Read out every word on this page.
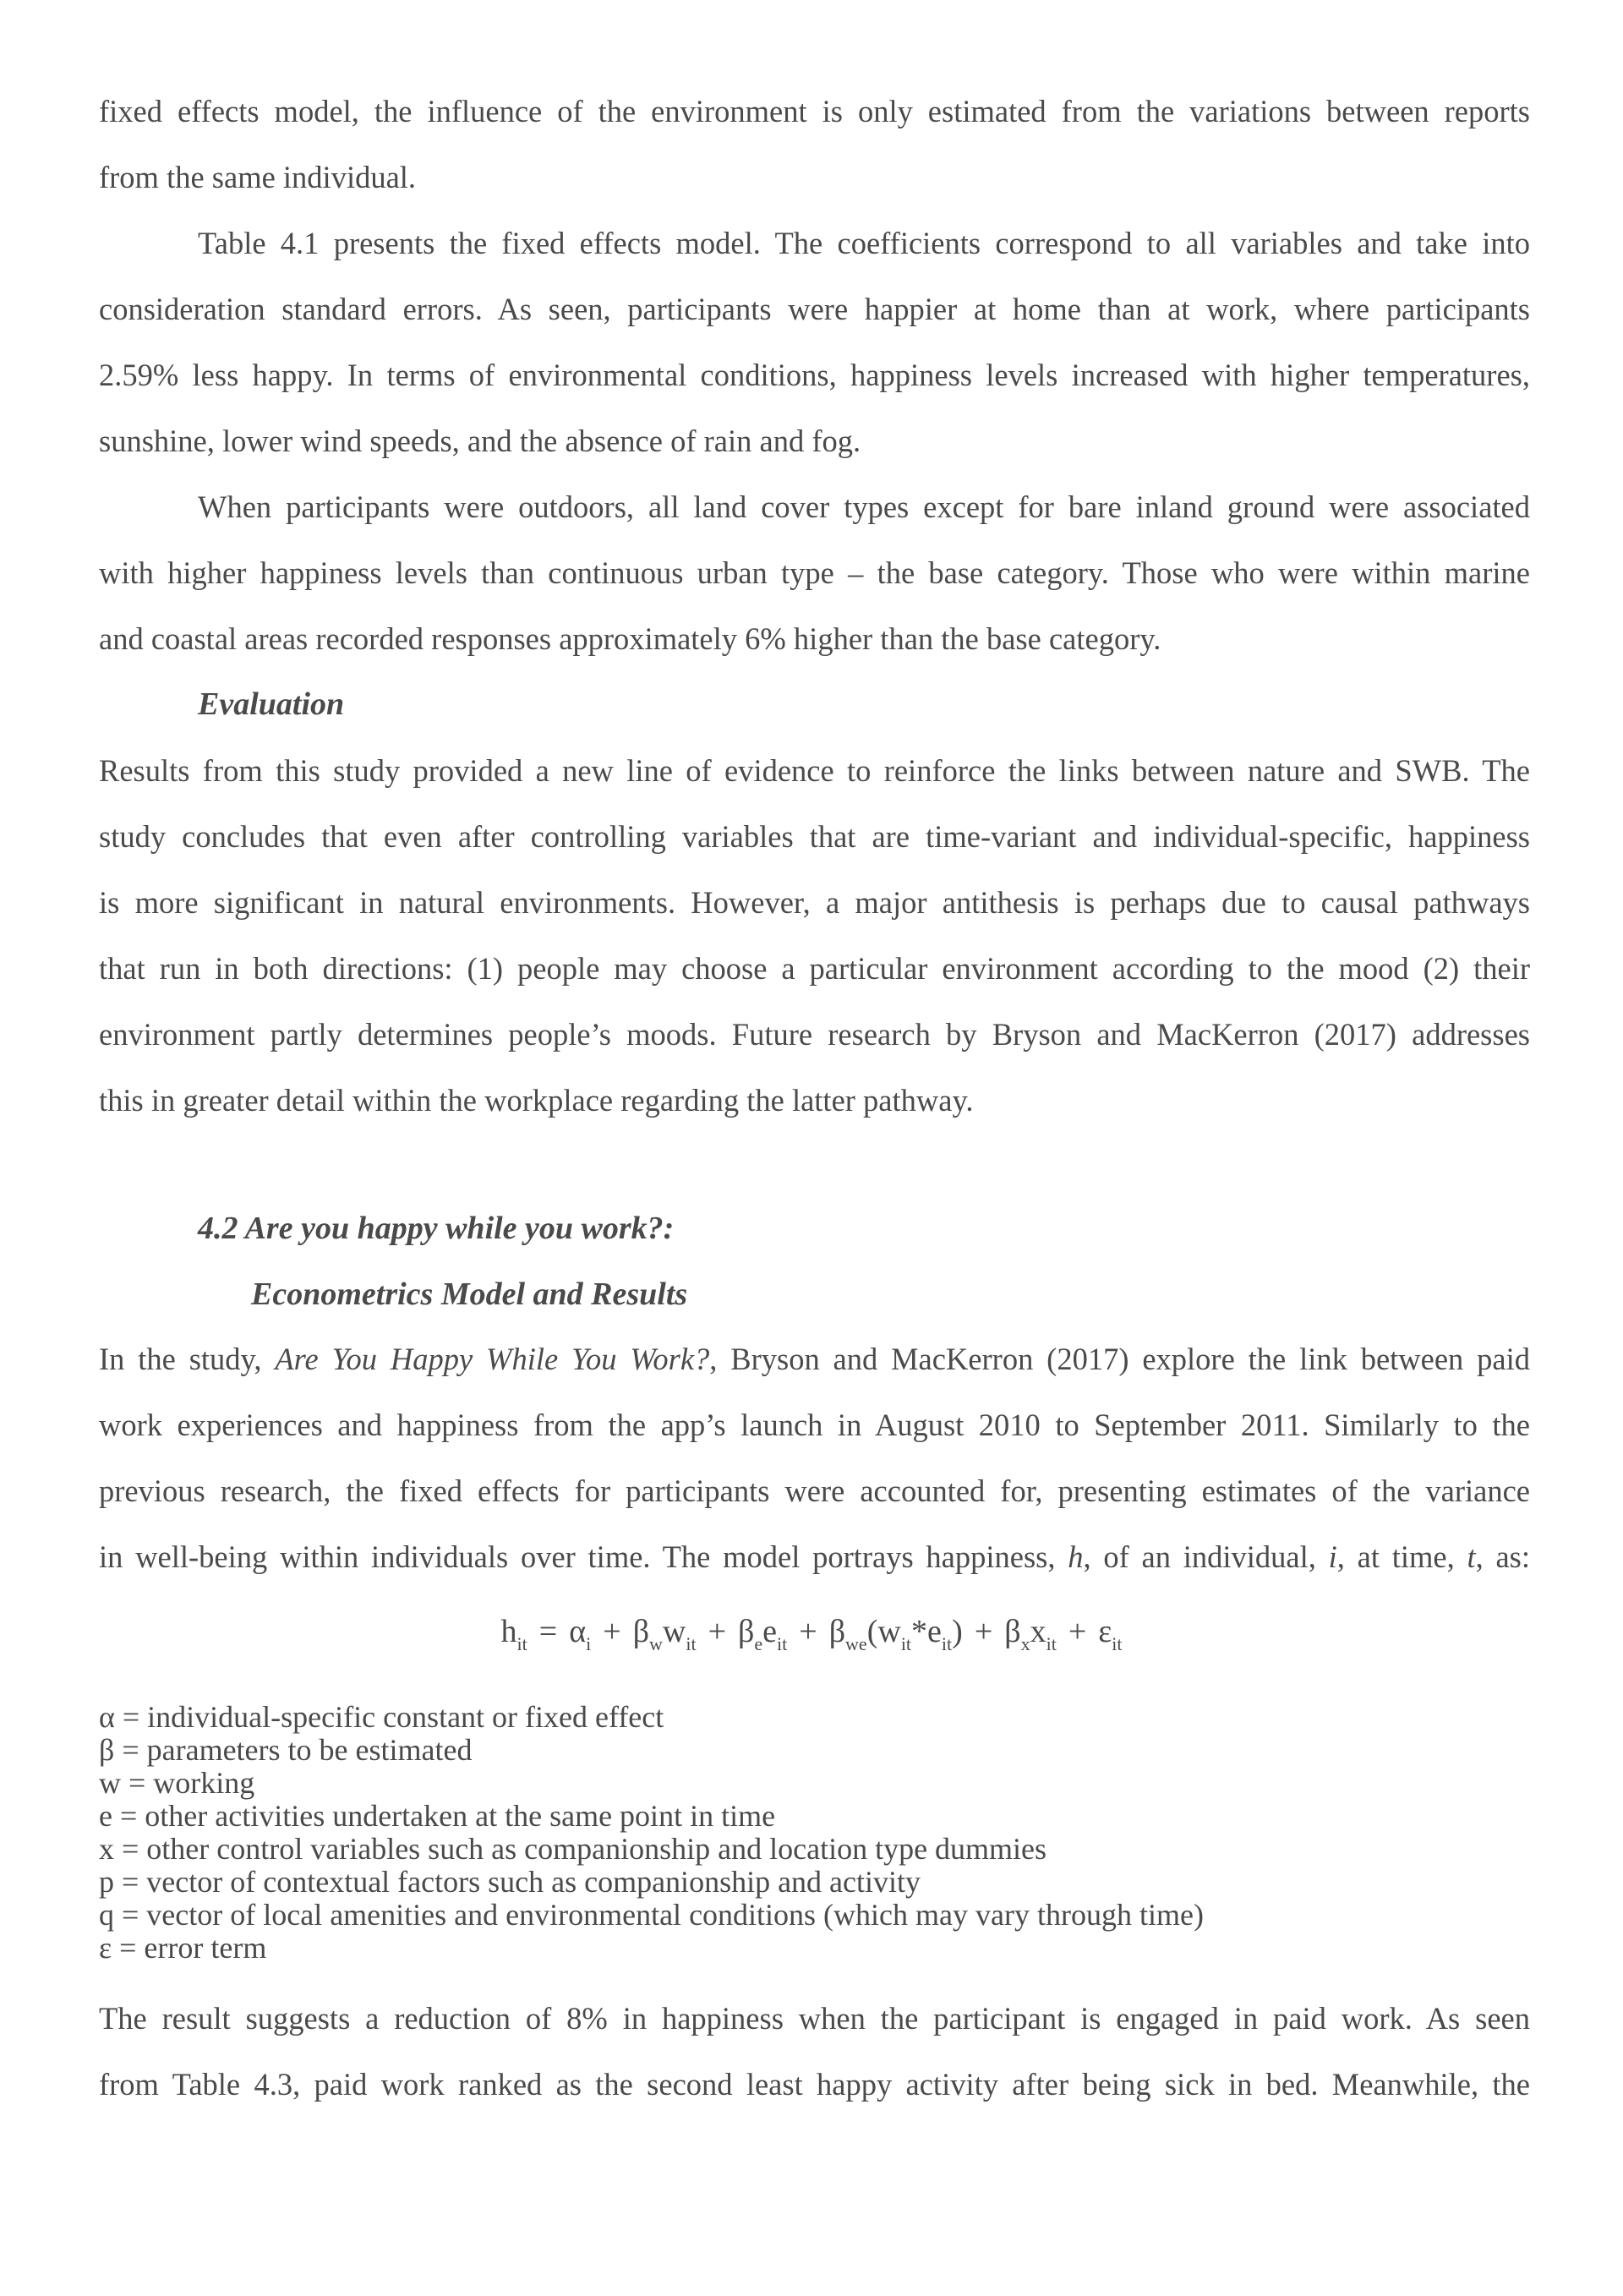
fixed effects model, the influence of the environment is only estimated from the variations between reports
from the same individual.
Table 4.1 presents the fixed effects model. The coefficients correspond to all variables and take into
consideration standard errors. As seen, participants were happier at home than at work, where participants
2.59% less happy. In terms of environmental conditions, happiness levels increased with higher temperatures,
sunshine, lower wind speeds, and the absence of rain and fog.
When participants were outdoors, all land cover types except for bare inland ground were associated
with higher happiness levels than continuous urban type – the base category. Those who were within marine
and coastal areas recorded responses approximately 6% higher than the base category.
Evaluation
Results from this study provided a new line of evidence to reinforce the links between nature and SWB. The
study concludes that even after controlling variables that are time-variant and individual-specific, happiness
is more significant in natural environments. However, a major antithesis is perhaps due to causal pathways
that run in both directions: (1) people may choose a particular environment according to the mood (2) their
environment partly determines people’s moods. Future research by Bryson and MacKerron (2017) addresses
this in greater detail within the workplace regarding the latter pathway.
4.2 Are you happy while you work?:
Econometrics Model and Results
In the study, Are You Happy While You Work?, Bryson and MacKerron (2017) explore the link between paid
work experiences and happiness from the app’s launch in August 2010 to September 2011. Similarly to the
previous research, the fixed effects for participants were accounted for, presenting estimates of the variance
in well-being within individuals over time. The model portrays happiness, h, of an individual, i, at time, t, as:
$h_{it} = \alpha_i + \beta_ww_{it} + \beta_ee_{it} + \beta_{we}(w_{it}*e_{it}) + \beta_xx_{it} + \varepsilon_{it}$
α = individual-specific constant or fixed effect
β = parameters to be estimated
w = working
e = other activities undertaken at the same point in time
x = other control variables such as companionship and location type dummies
p = vector of contextual factors such as companionship and activity
q = vector of local amenities and environmental conditions (which may vary through time)
ε = error term
The result suggests a reduction of 8% in happiness when the participant is engaged in paid work. As seen
from Table 4.3, paid work ranked as the second least happy activity after being sick in bed. Meanwhile, the
